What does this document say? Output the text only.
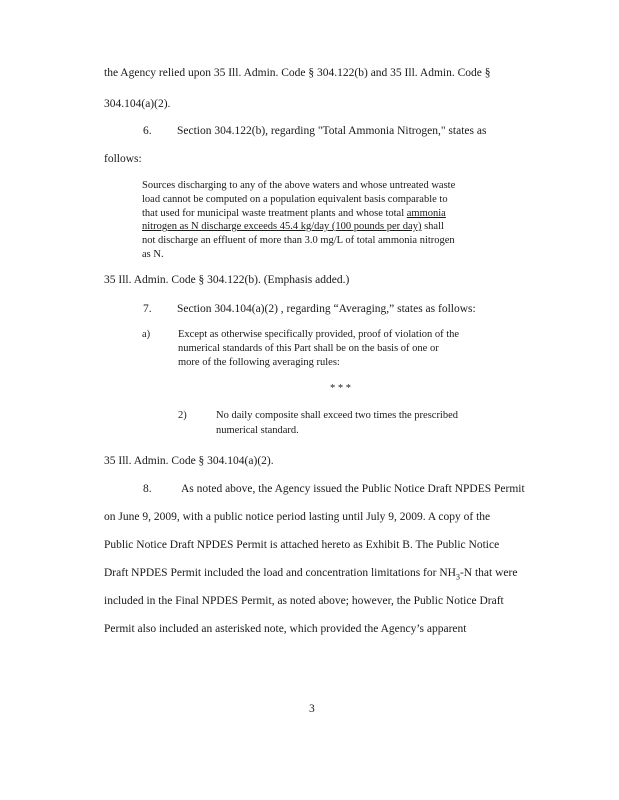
the Agency relied upon 35 Ill. Admin. Code § 304.122(b) and 35 Ill. Admin. Code §
304.104(a)(2).
6. Section 304.122(b), regarding "Total Ammonia Nitrogen," states as
follows:
Sources discharging to any of the above waters and whose untreated waste
load cannot be computed on a population equivalent basis comparable to
that used for municipal waste treatment plants and whose total ammonia
nitrogen as N discharge exceeds 45.4 kg/day (100 pounds per day) shall
not discharge an effluent of more than 3.0 mg/L of total ammonia nitrogen
as N.
35 Ill. Admin. Code § 304.122(b). (Emphasis added.)
7. Section 304.104(a)(2) , regarding “Averaging,” states as follows:
a)	Except as otherwise specifically provided, proof of violation of the
numerical standards of this Part shall be on the basis of one or
more of the following averaging rules:
* * *
2)	No daily composite shall exceed two times the prescribed
numerical standard.
35 Ill. Admin. Code § 304.104(a)(2).
8.	As noted above, the Agency issued the Public Notice Draft NPDES Permit
on June 9, 2009, with a public notice period lasting until July 9, 2009. A copy of the
Public Notice Draft NPDES Permit is attached hereto as Exhibit B. The Public Notice
Draft NPDES Permit included the load and concentration limitations for $NH_3-N$ that were
included in the Final NPDES Permit, as noted above; however, the Public Notice Draft
Permit also included an asterisked note, which provided the Agency’s apparent
3
